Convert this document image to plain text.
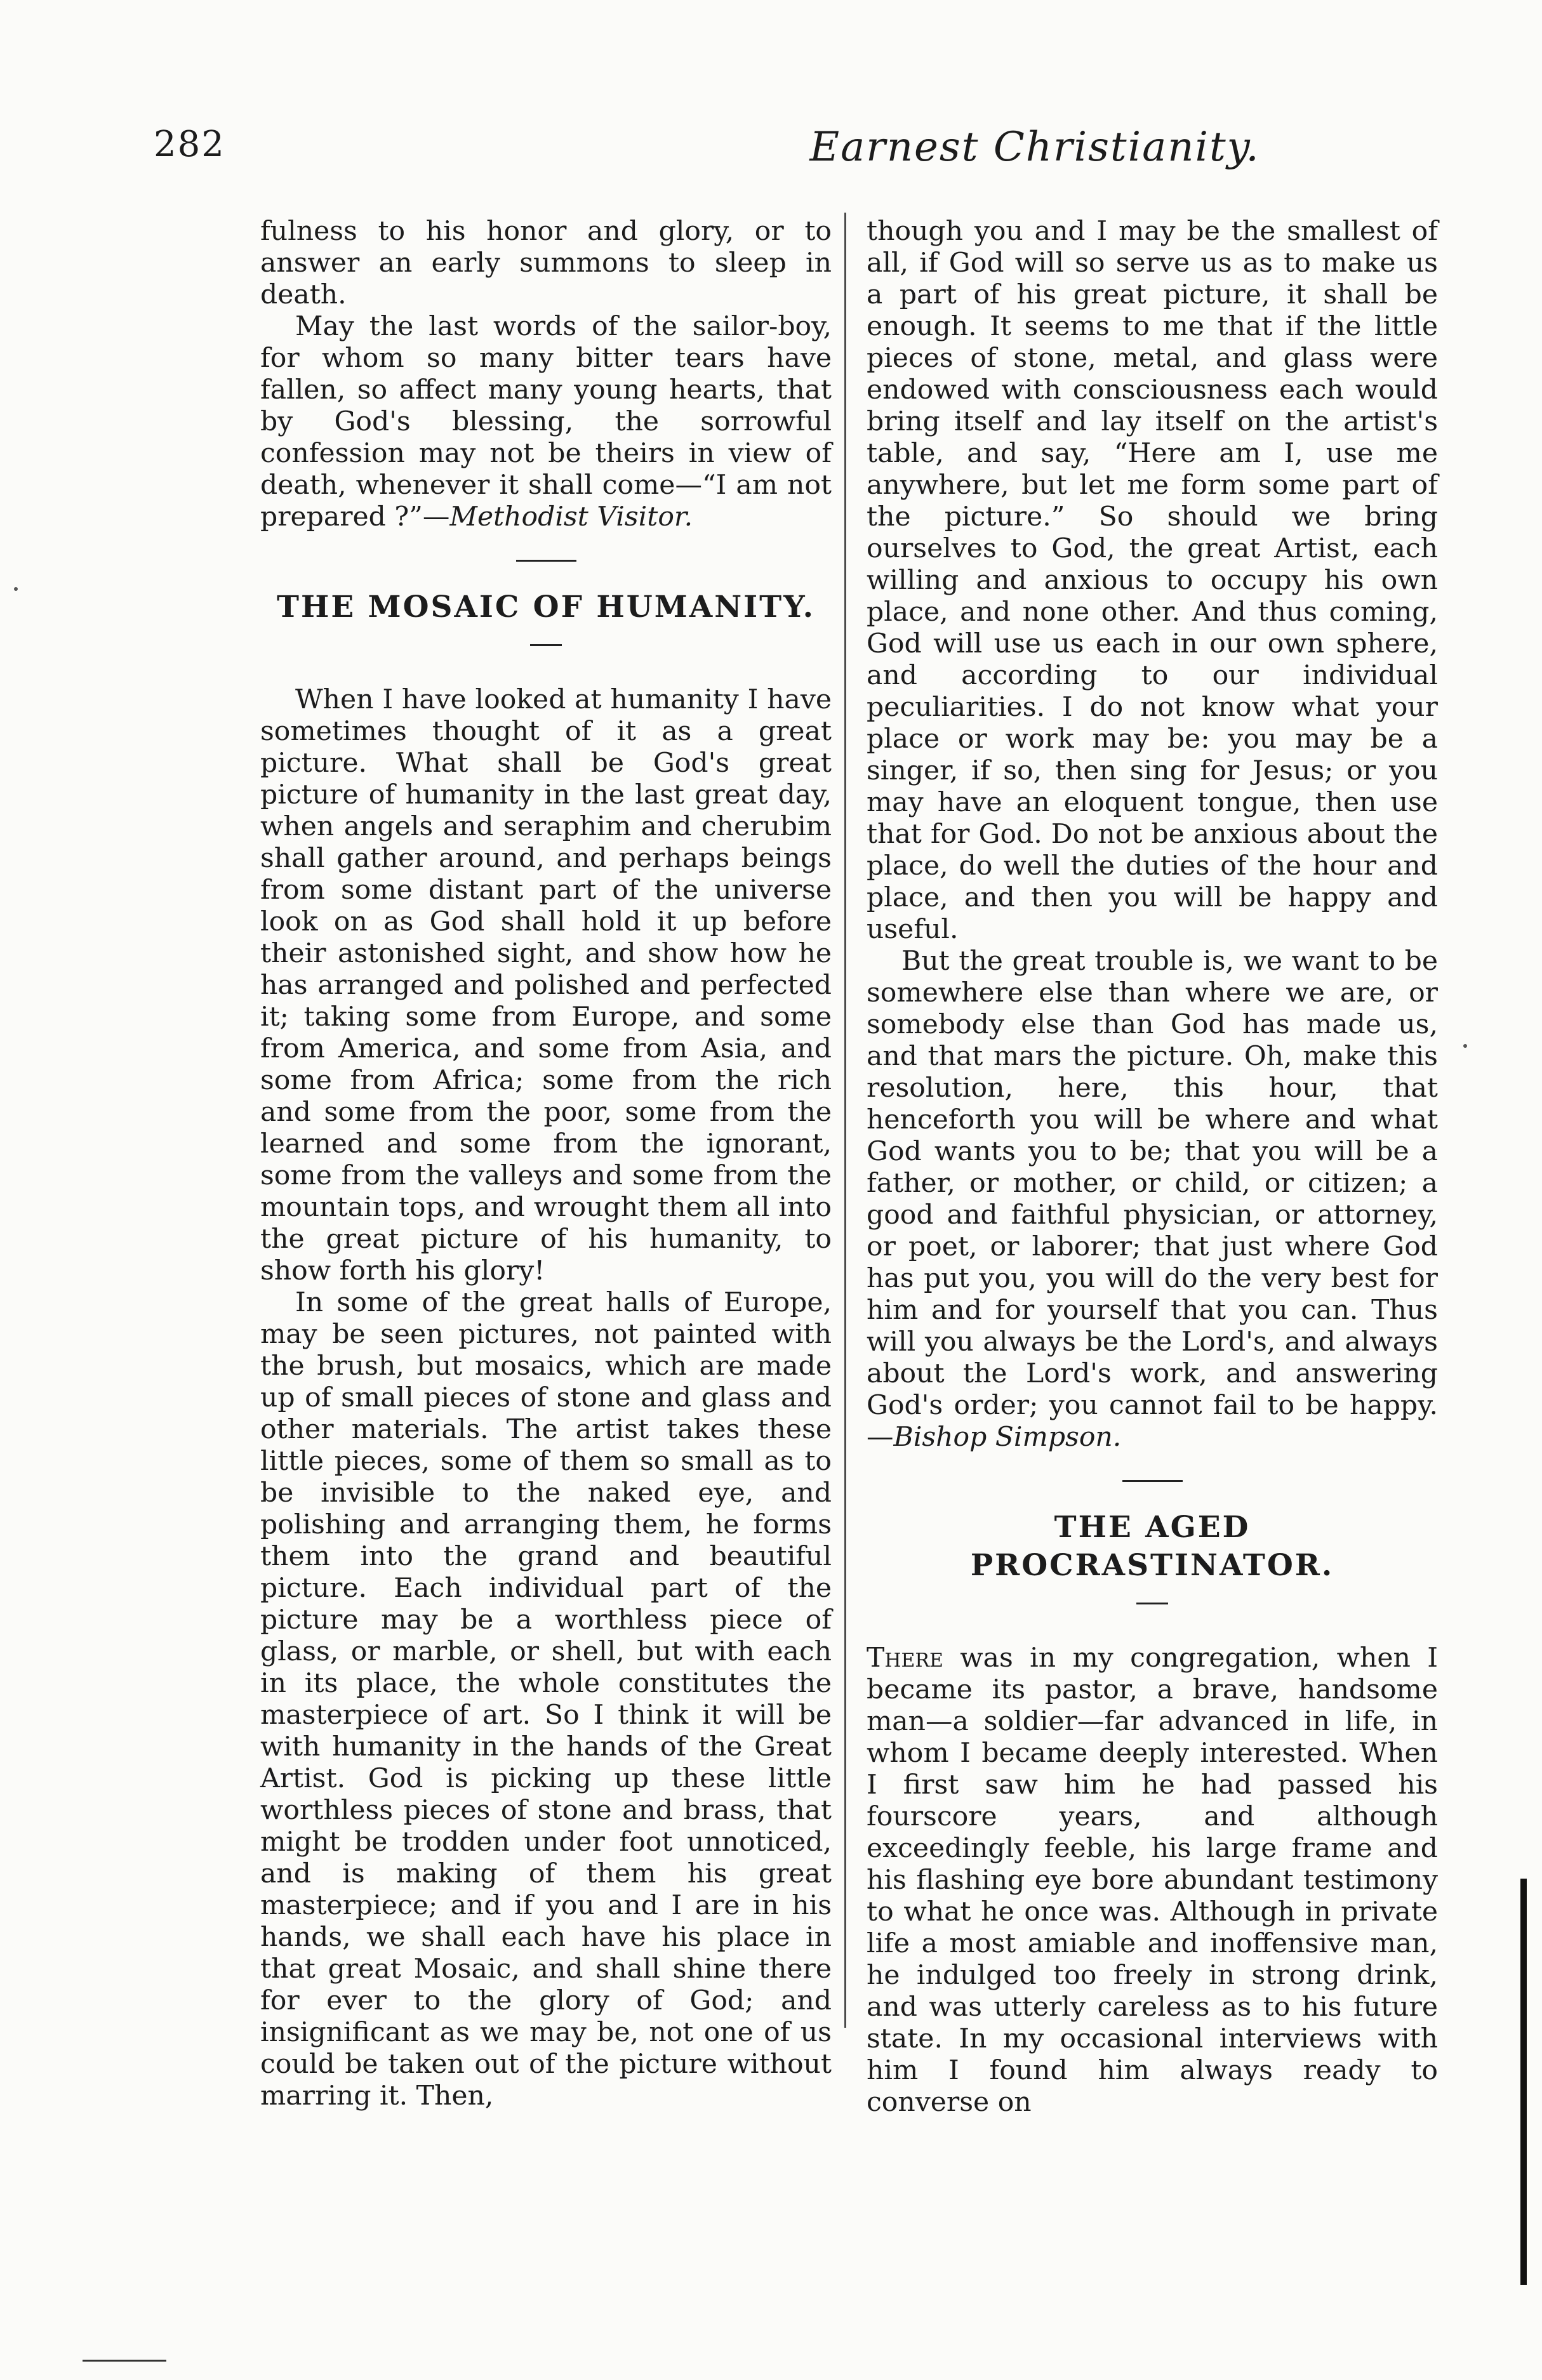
282	Earnest Christianity.

fulness to his honor and glory, or to answer an early summons to sleep in death.

May the last words of the sailor-boy, for whom so many bitter tears have fallen, so affect many young hearts, that by God's blessing, the sorrowful confession may not be theirs in view of death, whenever it shall come—“I am not prepared ?”—Methodist Visitor.

THE MOSAIC OF HUMANITY.

When I have looked at humanity I have sometimes thought of it as a great picture. What shall be God's great picture of humanity in the last great day, when angels and seraphim and cherubim shall gather around, and perhaps beings from some distant part of the universe look on as God shall hold it up before their astonished sight, and show how he has arranged and polished and perfected it; taking some from Europe, and some from America, and some from Asia, and some from Africa; some from the rich and some from the poor, some from the learned and some from the ignorant, some from the valleys and some from the mountain tops, and wrought them all into the great picture of his humanity, to show forth his glory!

In some of the great halls of Europe, may be seen pictures, not painted with the brush, but mosaics, which are made up of small pieces of stone and glass and other materials. The artist takes these little pieces, some of them so small as to be invisible to the naked eye, and polishing and arranging them, he forms them into the grand and beautiful picture. Each individual part of the picture may be a worthless piece of glass, or marble, or shell, but with each in its place, the whole constitutes the masterpiece of art. So I think it will be with humanity in the hands of the Great Artist. God is picking up these little worthless pieces of stone and brass, that might be trodden under foot unnoticed, and is making of them his great masterpiece; and if you and I are in his hands, we shall each have his place in that great Mosaic, and shall shine there for ever to the glory of God; and insignificant as we may be, not one of us could be taken out of the picture without marring it. Then,

though you and I may be the smallest of all, if God will so serve us as to make us a part of his great picture, it shall be enough. It seems to me that if the little pieces of stone, metal, and glass were endowed with consciousness each would bring itself and lay itself on the artist's table, and say, “Here am I, use me anywhere, but let me form some part of the picture.” So should we bring ourselves to God, the great Artist, each willing and anxious to occupy his own place, and none other. And thus coming, God will use us each in our own sphere, and according to our individual peculiarities. I do not know what your place or work may be: you may be a singer, if so, then sing for Jesus; or you may have an eloquent tongue, then use that for God. Do not be anxious about the place, do well the duties of the hour and place, and then you will be happy and useful.

But the great trouble is, we want to be somewhere else than where we are, or somebody else than God has made us, and that mars the picture. Oh, make this resolution, here, this hour, that henceforth you will be where and what God wants you to be; that you will be a father, or mother, or child, or citizen; a good and faithful physician, or attorney, or poet, or laborer; that just where God has put you, you will do the very best for him and for yourself that you can. Thus will you always be the Lord's, and always about the Lord's work, and answering God's order; you cannot fail to be happy.—Bishop Simpson.

THE AGED PROCRASTINATOR.

There was in my congregation, when I became its pastor, a brave, handsome man—a soldier—far advanced in life, in whom I became deeply interested. When I first saw him he had passed his fourscore years, and although exceedingly feeble, his large frame and his flashing eye bore abundant testimony to what he once was. Although in private life a most amiable and inoffensive man, he indulged too freely in strong drink, and was utterly careless as to his future state. In my occasional interviews with him I found him always ready to converse on
